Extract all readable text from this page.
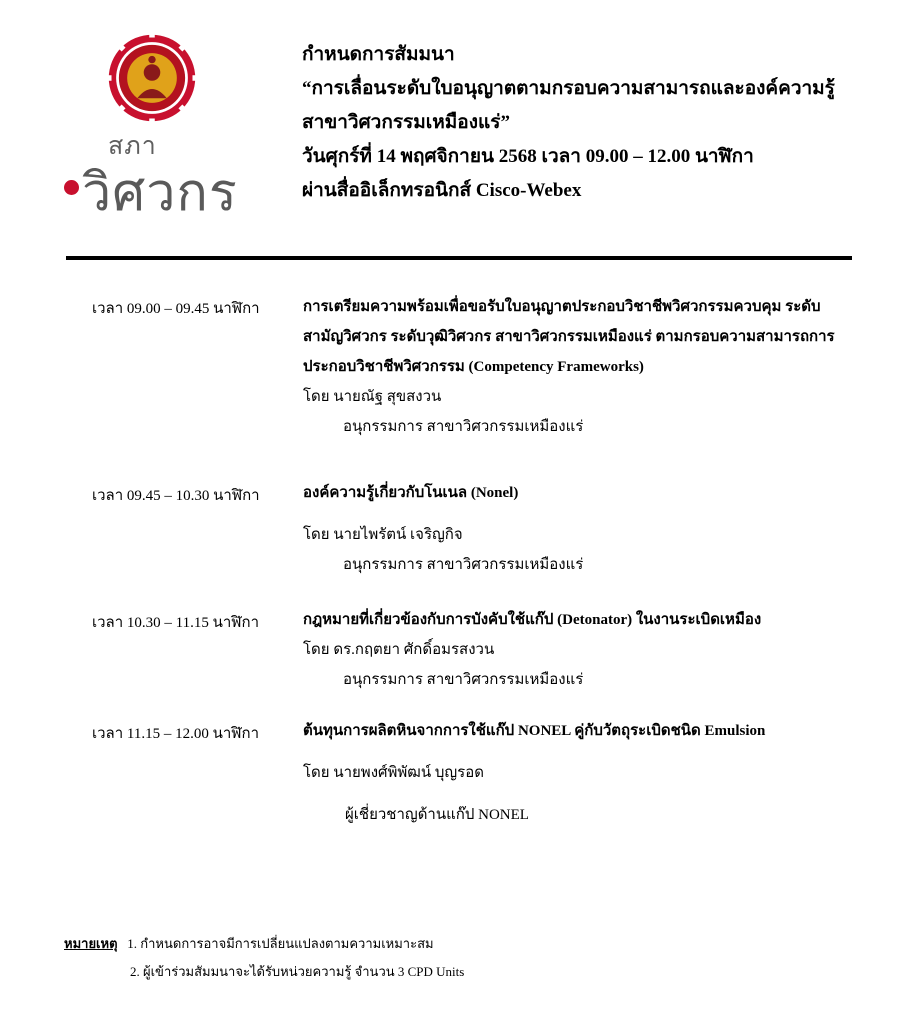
สภา
วิศวกร
กำหนดการสัมมนา
“การเลื่อนระดับใบอนุญาตตามกรอบความสามารถและองค์ความรู้
สาขาวิศวกรรมเหมืองแร่”
วันศุกร์ที่ 14 พฤศจิกายน 2568 เวลา 09.00 – 12.00 นาฬิกา
ผ่านสื่ออิเล็กทรอนิกส์ Cisco-Webex
เวลา 09.00 – 09.45 นาฬิกา	การเตรียมความพร้อมเพื่อขอรับใบอนุญาตประกอบวิชาชีพวิศวกรรมควบคุม ระดับ
สามัญวิศวกร ระดับวุฒิวิศวกร สาขาวิศวกรรมเหมืองแร่ ตามกรอบความสามารถการ
ประกอบวิชาชีพวิศวกรรม (Competency Frameworks)
โดย นายณัฐ สุขสงวน
อนุกรรมการ สาขาวิศวกรรมเหมืองแร่
เวลา 09.45 – 10.30 นาฬิกา	องค์ความรู้เกี่ยวกับโนเนล (Nonel)
โดย นายไพรัตน์ เจริญกิจ
อนุกรรมการ สาขาวิศวกรรมเหมืองแร่
เวลา 10.30 – 11.15 นาฬิกา	กฎหมายที่เกี่ยวข้องกับการบังคับใช้แก๊ป (Detonator) ในงานระเบิดเหมือง
โดย ดร.กฤตยา ศักดิ์อมรสงวน
อนุกรรมการ สาขาวิศวกรรมเหมืองแร่
เวลา 11.15 – 12.00 นาฬิกา	ต้นทุนการผลิตหินจากการใช้แก๊ป NONEL คู่กับวัตถุระเบิดชนิด Emulsion
โดย นายพงศ์พิพัฒน์ บุญรอด
ผู้เชี่ยวชาญด้านแก๊ป NONEL
หมายเหตุ 1. กำหนดการอาจมีการเปลี่ยนแปลงตามความเหมาะสม
2. ผู้เข้าร่วมสัมมนาจะได้รับหน่วยความรู้ จำนวน 3 CPD Units
